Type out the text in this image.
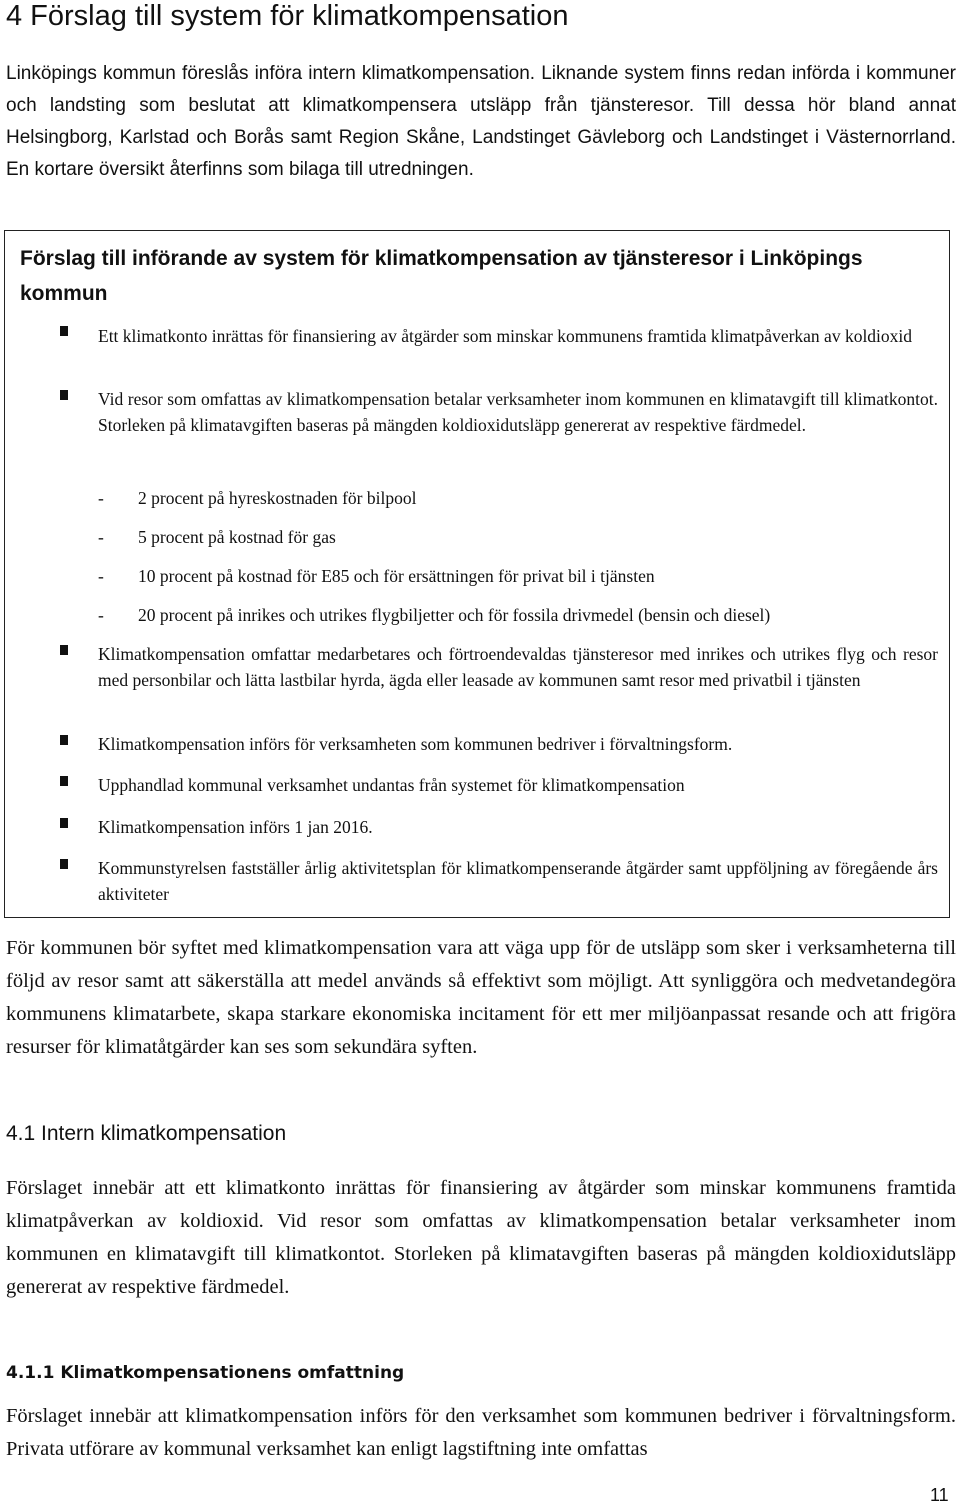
4 Förslag till system för klimatkompensation
Linköpings kommun föreslås införa intern klimatkompensation. Liknande system finns redan införda i kommuner och landsting som beslutat att klimatkompensera utsläpp från tjänsteresor. Till dessa hör bland annat Helsingborg, Karlstad och Borås samt Region Skåne, Landstinget Gävleborg och Landstinget i Västernorrland. En kortare översikt återfinns som bilaga till utredningen.
Förslag till införande av system för klimatkompensation av tjänsteresor i Linköpings kommun
Ett klimatkonto inrättas för finansiering av åtgärder som minskar kommunens framtida klimatpåverkan av koldioxid
Vid resor som omfattas av klimatkompensation betalar verksamheter inom kommunen en klimatavgift till klimatkontot. Storleken på klimatavgiften baseras på mängden koldioxidutsläpp genererat av respektive färdmedel.
- 2 procent på hyreskostnaden för bilpool
- 5 procent på kostnad för gas
- 10 procent på kostnad för E85 och för ersättningen för privat bil i tjänsten
- 20 procent på inrikes och utrikes flygbiljetter och för fossila drivmedel (bensin och diesel)
Klimatkompensation omfattar medarbetares och förtroendevaldas tjänsteresor med inrikes och utrikes flyg och resor med personbilar och lätta lastbilar hyrda, ägda eller leasade av kommunen samt resor med privatbil i tjänsten
Klimatkompensation införs för verksamheten som kommunen bedriver i förvaltningsform.
Upphandlad kommunal verksamhet undantas från systemet för klimatkompensation
Klimatkompensation införs 1 jan 2016.
Kommunstyrelsen fastställer årlig aktivitetsplan för klimatkompenserande åtgärder samt uppföljning av föregående års aktiviteter
För kommunen bör syftet med klimatkompensation vara att väga upp för de utsläpp som sker i verksamheterna till följd av resor samt att säkerställa att medel används så effektivt som möjligt. Att synliggöra och medvetandegöra kommunens klimatarbete, skapa starkare ekonomiska incitament för ett mer miljöanpassat resande och att frigöra resurser för klimatåtgärder kan ses som sekundära syften.
4.1 Intern klimatkompensation
Förslaget innebär att ett klimatkonto inrättas för finansiering av åtgärder som minskar kommunens framtida klimatpåverkan av koldioxid. Vid resor som omfattas av klimatkompensation betalar verksamheter inom kommunen en klimatavgift till klimatkontot. Storleken på klimatavgiften baseras på mängden koldioxidutsläpp genererat av respektive färdmedel.
4.1.1 Klimatkompensationens omfattning
Förslaget innebär att klimatkompensation införs för den verksamhet som kommunen bedriver i förvaltningsform. Privata utförare av kommunal verksamhet kan enligt lagstiftning inte omfattas
11
